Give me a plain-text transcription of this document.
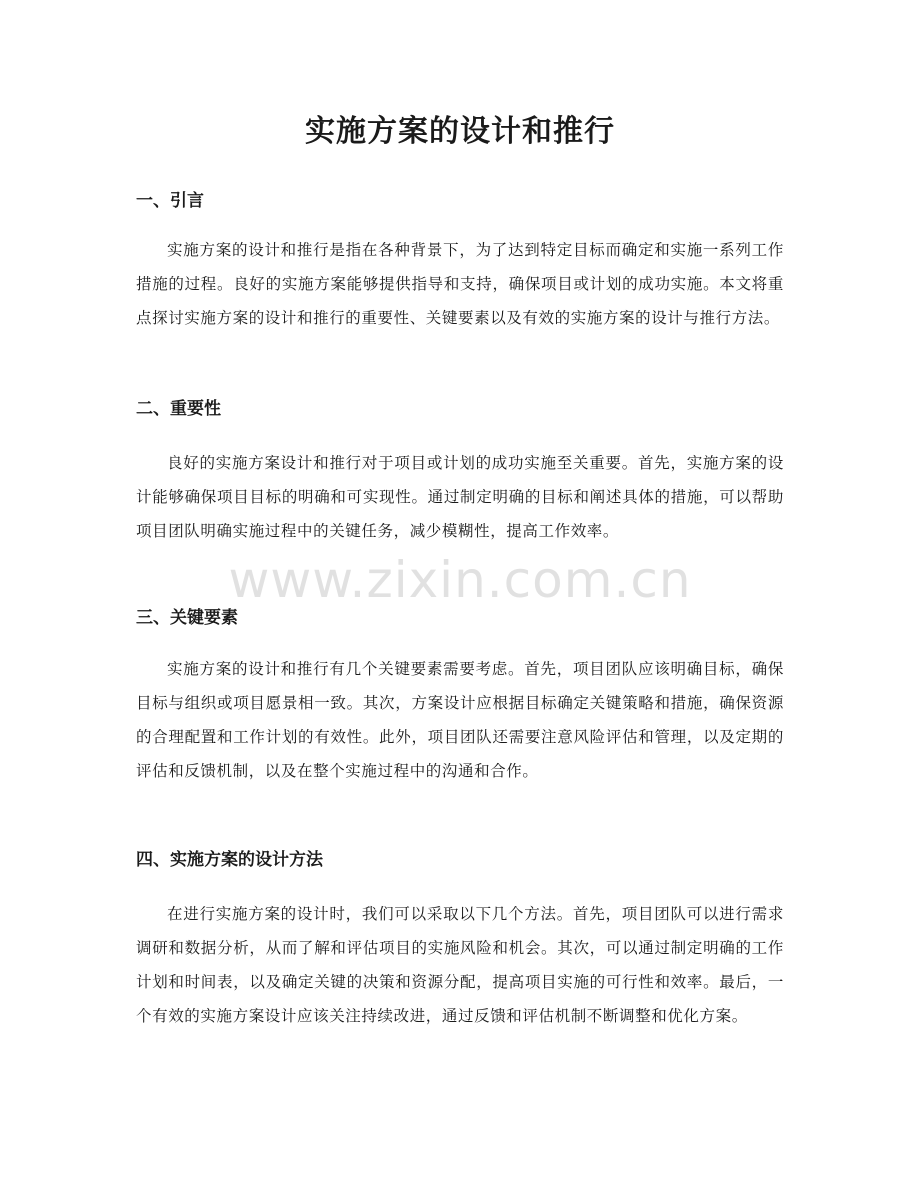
实施方案的设计和推行
一、引言

实施方案的设计和推行是指在各种背景下，为了达到特定目标而确定和实施一系列工作措施的过程。良好的实施方案能够提供指导和支持，确保项目或计划的成功实施。本文将重点探讨实施方案的设计和推行的重要性、关键要素以及有效的实施方案的设计与推行方法。

二、重要性

良好的实施方案设计和推行对于项目或计划的成功实施至关重要。首先，实施方案的设计能够确保项目目标的明确和可实现性。通过制定明确的目标和阐述具体的措施，可以帮助项目团队明确实施过程中的关键任务，减少模糊性，提高工作效率。

三、关键要素

实施方案的设计和推行有几个关键要素需要考虑。首先，项目团队应该明确目标，确保目标与组织或项目愿景相一致。其次，方案设计应根据目标确定关键策略和措施，确保资源的合理配置和工作计划的有效性。此外，项目团队还需要注意风险评估和管理，以及定期的评估和反馈机制，以及在整个实施过程中的沟通和合作。

四、实施方案的设计方法

在进行实施方案的设计时，我们可以采取以下几个方法。首先，项目团队可以进行需求调研和数据分析，从而了解和评估项目的实施风险和机会。其次，可以通过制定明确的工作计划和时间表，以及确定关键的决策和资源分配，提高项目实施的可行性和效率。最后，一个有效的实施方案设计应该关注持续改进，通过反馈和评估机制不断调整和优化方案。

www.zixin.com.cn
